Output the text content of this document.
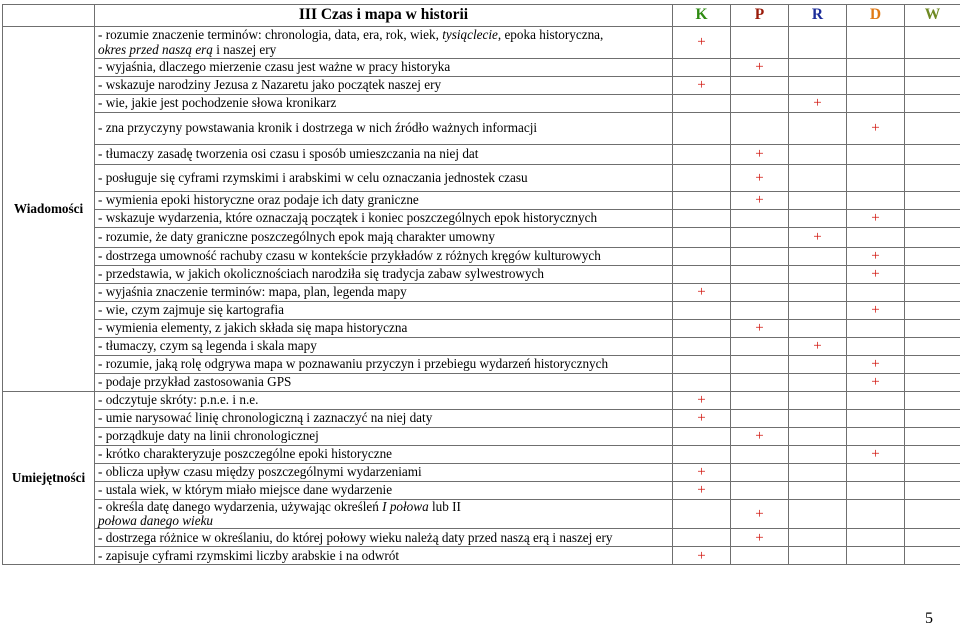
	III Czas i mapa w historii	K	P	R	D	W
Wiadomości	- rozumie znaczenie terminów: chronologia, data, era, rok, wiek, tysiąclecie, epoka historyczna,
okres przed naszą erą i naszej ery	+				
	- wyjaśnia, dlaczego mierzenie czasu jest ważne w pracy historyka		+			
	- wskazuje narodziny Jezusa z Nazaretu jako początek naszej ery	+				
	- wie, jakie jest pochodzenie słowa kronikarz			+		
	- zna przyczyny powstawania kronik i dostrzega w nich źródło ważnych informacji				+	
	- tłumaczy zasadę tworzenia osi czasu i sposób umieszczania na niej dat		+			
	- posługuje się cyframi rzymskimi i arabskimi w celu oznaczania jednostek czasu		+			
	- wymienia epoki historyczne oraz podaje ich daty graniczne		+			
	- wskazuje wydarzenia, które oznaczają początek i koniec poszczególnych epok historycznych				+	
	- rozumie, że daty graniczne poszczególnych epok mają charakter umowny			+		
	- dostrzega umowność rachuby czasu w kontekście przykładów z różnych kręgów kulturowych				+	
	- przedstawia, w jakich okolicznościach narodziła się tradycja zabaw sylwestrowych				+	
	- wyjaśnia znaczenie terminów: mapa, plan, legenda mapy	+				
	- wie, czym zajmuje się kartografia				+	
	- wymienia elementy, z jakich składa się mapa historyczna		+			
	- tłumaczy, czym są legenda i skala mapy			+		
	- rozumie, jaką rolę odgrywa mapa w poznawaniu przyczyn i przebiegu wydarzeń historycznych				+	
	- podaje przykład zastosowania GPS				+	
Umiejętności	- odczytuje skróty: p.n.e. i n.e.	+				
	- umie narysować linię chronologiczną i zaznaczyć na niej daty	+				
	- porządkuje daty na linii chronologicznej		+			
	- krótko charakteryzuje poszczególne epoki historyczne				+	
	- oblicza upływ czasu między poszczególnymi wydarzeniami	+				
	- ustala wiek, w którym miało miejsce dane wydarzenie	+				
	- określa datę danego wydarzenia, używając określeń I połowa lub II
połowa danego wieku		+			
	- dostrzega różnice w określaniu, do której połowy wieku należą daty przed naszą erą i naszej ery		+			
	- zapisuje cyframi rzymskimi liczby arabskie i na odwrót	+				
5
